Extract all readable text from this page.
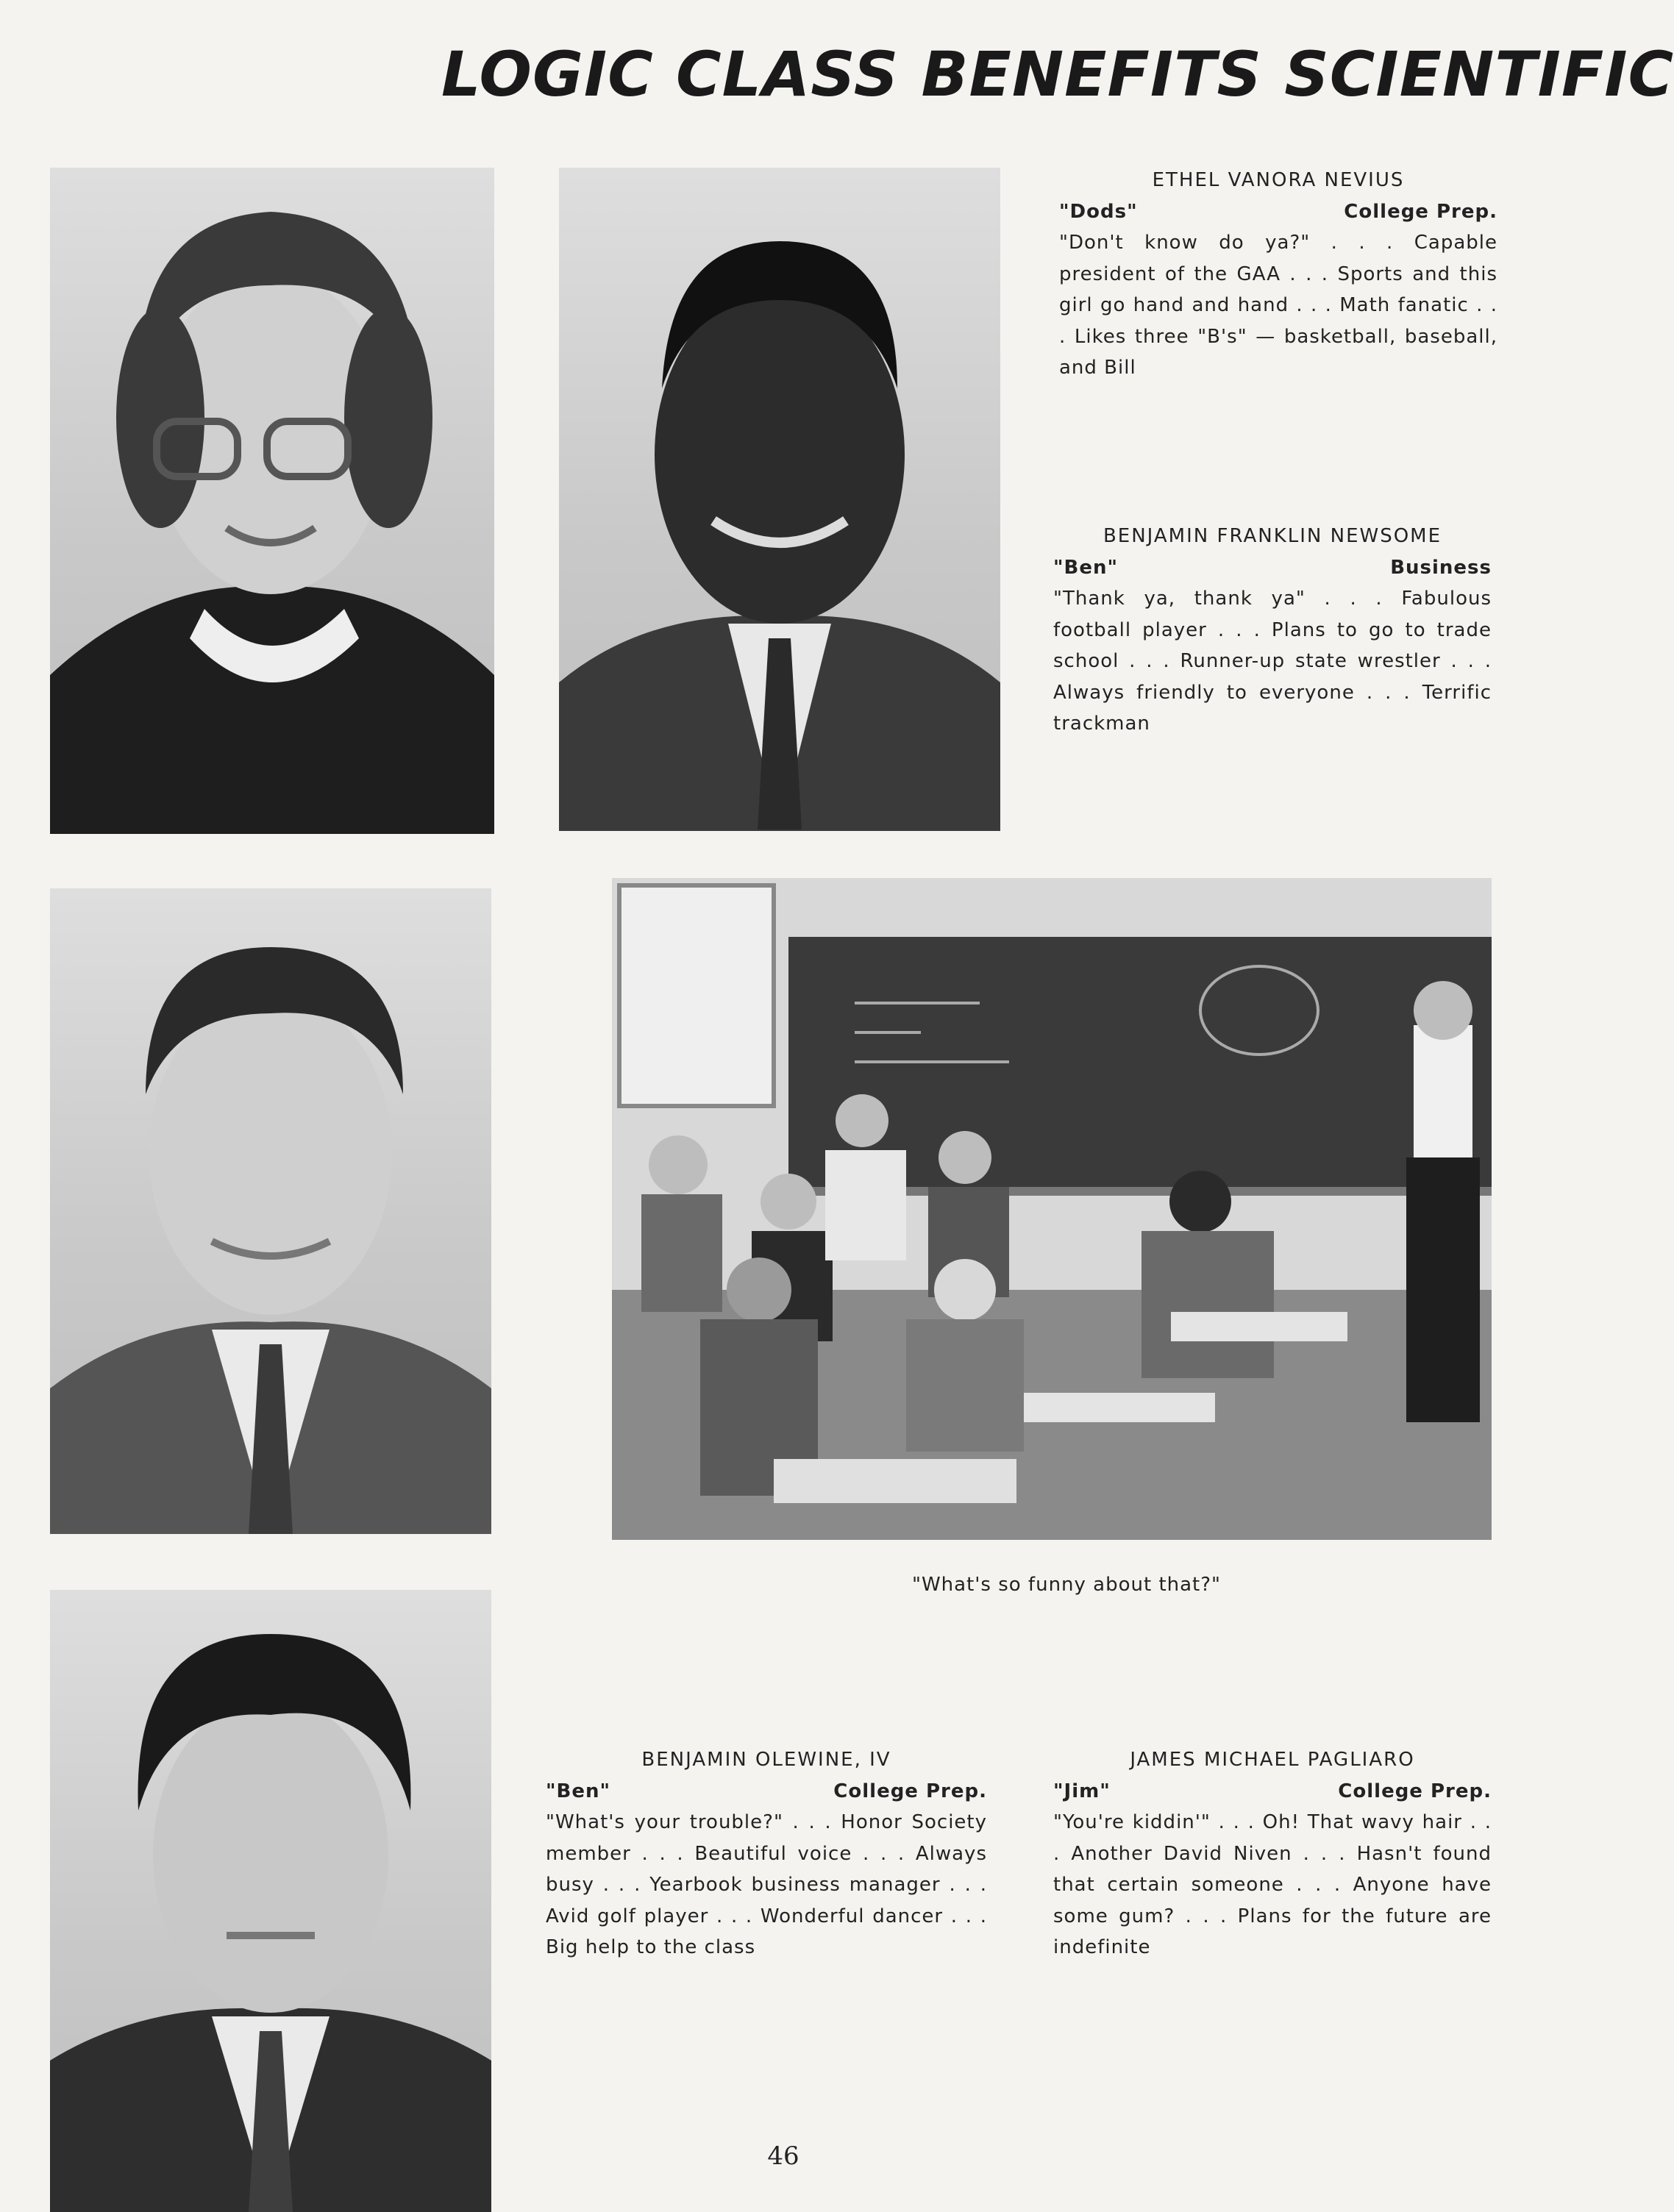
LOGIC CLASS BENEFITS SCIENTIFIC
ETHEL VANORA NEVIUS
"Dods"	College Prep.
"Don't know do ya?" . . . Capable president of the GAA . . . Sports and this girl go hand and hand . . . Math fanatic . . . Likes three "B's" — basketball, baseball, and Bill
BENJAMIN FRANKLIN NEWSOME
"Ben"	Business
"Thank ya, thank ya" . . . Fabulous football player . . . Plans to go to trade school . . . Runner-up state wrestler . . . Always friendly to everyone . . . Terrific trackman
"What's so funny about that?"
BENJAMIN OLEWINE, IV
"Ben"	College Prep.
"What's your trouble?" . . . Honor Society member . . . Beautiful voice . . . Always busy . . . Yearbook business manager . . . Avid golf player . . . Wonderful dancer . . . Big help to the class
JAMES MICHAEL PAGLIARO
"Jim"	College Prep.
"You're kiddin'" . . . Oh! That wavy hair . . . Another David Niven . . . Hasn't found that certain someone . . . Anyone have some gum? . . . Plans for the future are indefinite
46
